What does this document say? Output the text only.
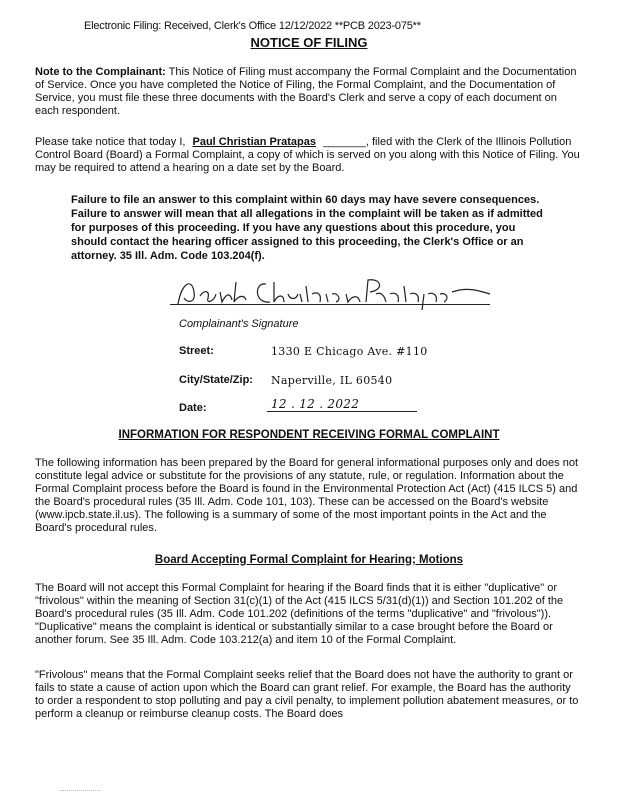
Electronic Filing: Received, Clerk's Office 12/12/2022 **PCB 2023-075**
NOTICE OF FILING
Note to the Complainant: This Notice of Filing must accompany the Formal Complaint and the Documentation of Service. Once you have completed the Notice of Filing, the Formal Complaint, and the Documentation of Service, you must file these three documents with the Board's Clerk and serve a copy of each document on each respondent.
Please take notice that today I, Paul Christian Pratapas _______, filed with the Clerk of the Illinois Pollution Control Board (Board) a Formal Complaint, a copy of which is served on you along with this Notice of Filing. You may be required to attend a hearing on a date set by the Board.
Failure to file an answer to this complaint within 60 days may have severe consequences. Failure to answer will mean that all allegations in the complaint will be taken as if admitted for purposes of this proceeding. If you have any questions about this procedure, you should contact the hearing officer assigned to this proceeding, the Clerk's Office or an attorney. 35 Ill. Adm. Code 103.204(f).
Complainant's Signature
Street:	1330 E Chicago Ave. #110
City/State/Zip: Naperville, IL 60540
Date:	12 . 12 . 2022
INFORMATION FOR RESPONDENT RECEIVING FORMAL COMPLAINT
The following information has been prepared by the Board for general informational purposes only and does not constitute legal advice or substitute for the provisions of any statute, rule, or regulation. Information about the Formal Complaint process before the Board is found in the Environmental Protection Act (Act) (415 ILCS 5) and the Board's procedural rules (35 Ill. Adm. Code 101, 103). These can be accessed on the Board's website (www.ipcb.state.il.us). The following is a summary of some of the most important points in the Act and the Board's procedural rules.
Board Accepting Formal Complaint for Hearing; Motions
The Board will not accept this Formal Complaint for hearing if the Board finds that it is either "duplicative" or "frivolous" within the meaning of Section 31(c)(1) of the Act (415 ILCS 5/31(d)(1)) and Section 101.202 of the Board's procedural rules (35 Ill. Adm. Code 101.202 (definitions of the terms "duplicative" and "frivolous")). "Duplicative" means the complaint is identical or substantially similar to a case brought before the Board or another forum. See 35 Ill. Adm. Code 103.212(a) and item 10 of the Formal Complaint.
"Frivolous" means that the Formal Complaint seeks relief that the Board does not have the authority to grant or fails to state a cause of action upon which the Board can grant relief. For example, the Board has the authority to order a respondent to stop polluting and pay a civil penalty, to implement pollution abatement measures, or to perform a cleanup or reimburse cleanup costs. The Board does
